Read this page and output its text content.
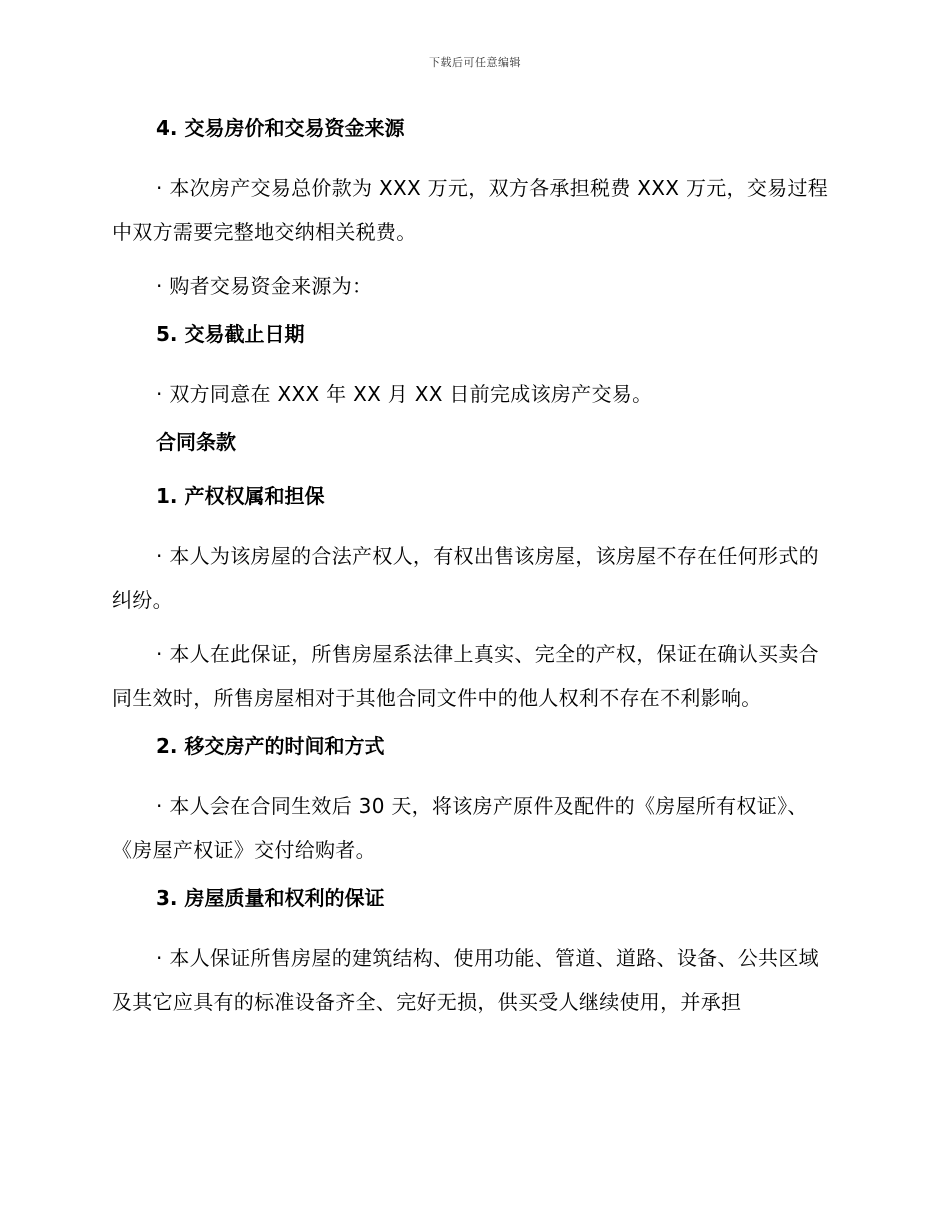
下载后可任意编辑
4. 交易房价和交易资金来源
· 本次房产交易总价款为 XXX 万元，双方各承担税费 XXX 万元，交易过程中双方需要完整地交纳相关税费。
· 购者交易资金来源为：
5. 交易截止日期
· 双方同意在 XXX 年 XX 月 XX 日前完成该房产交易。
合同条款
1. 产权权属和担保
· 本人为该房屋的合法产权人，有权出售该房屋，该房屋不存在任何形式的纠纷。
· 本人在此保证，所售房屋系法律上真实、完全的产权，保证在确认买卖合同生效时，所售房屋相对于其他合同文件中的他人权利不存在不利影响。
2. 移交房产的时间和方式
· 本人会在合同生效后 30 天，将该房产原件及配件的《房屋所有权证》、《房屋产权证》交付给购者。
3. 房屋质量和权利的保证
· 本人保证所售房屋的建筑结构、使用功能、管道、道路、设备、公共区域及其它应具有的标准设备齐全、完好无损，供买受人继续使用，并承担
